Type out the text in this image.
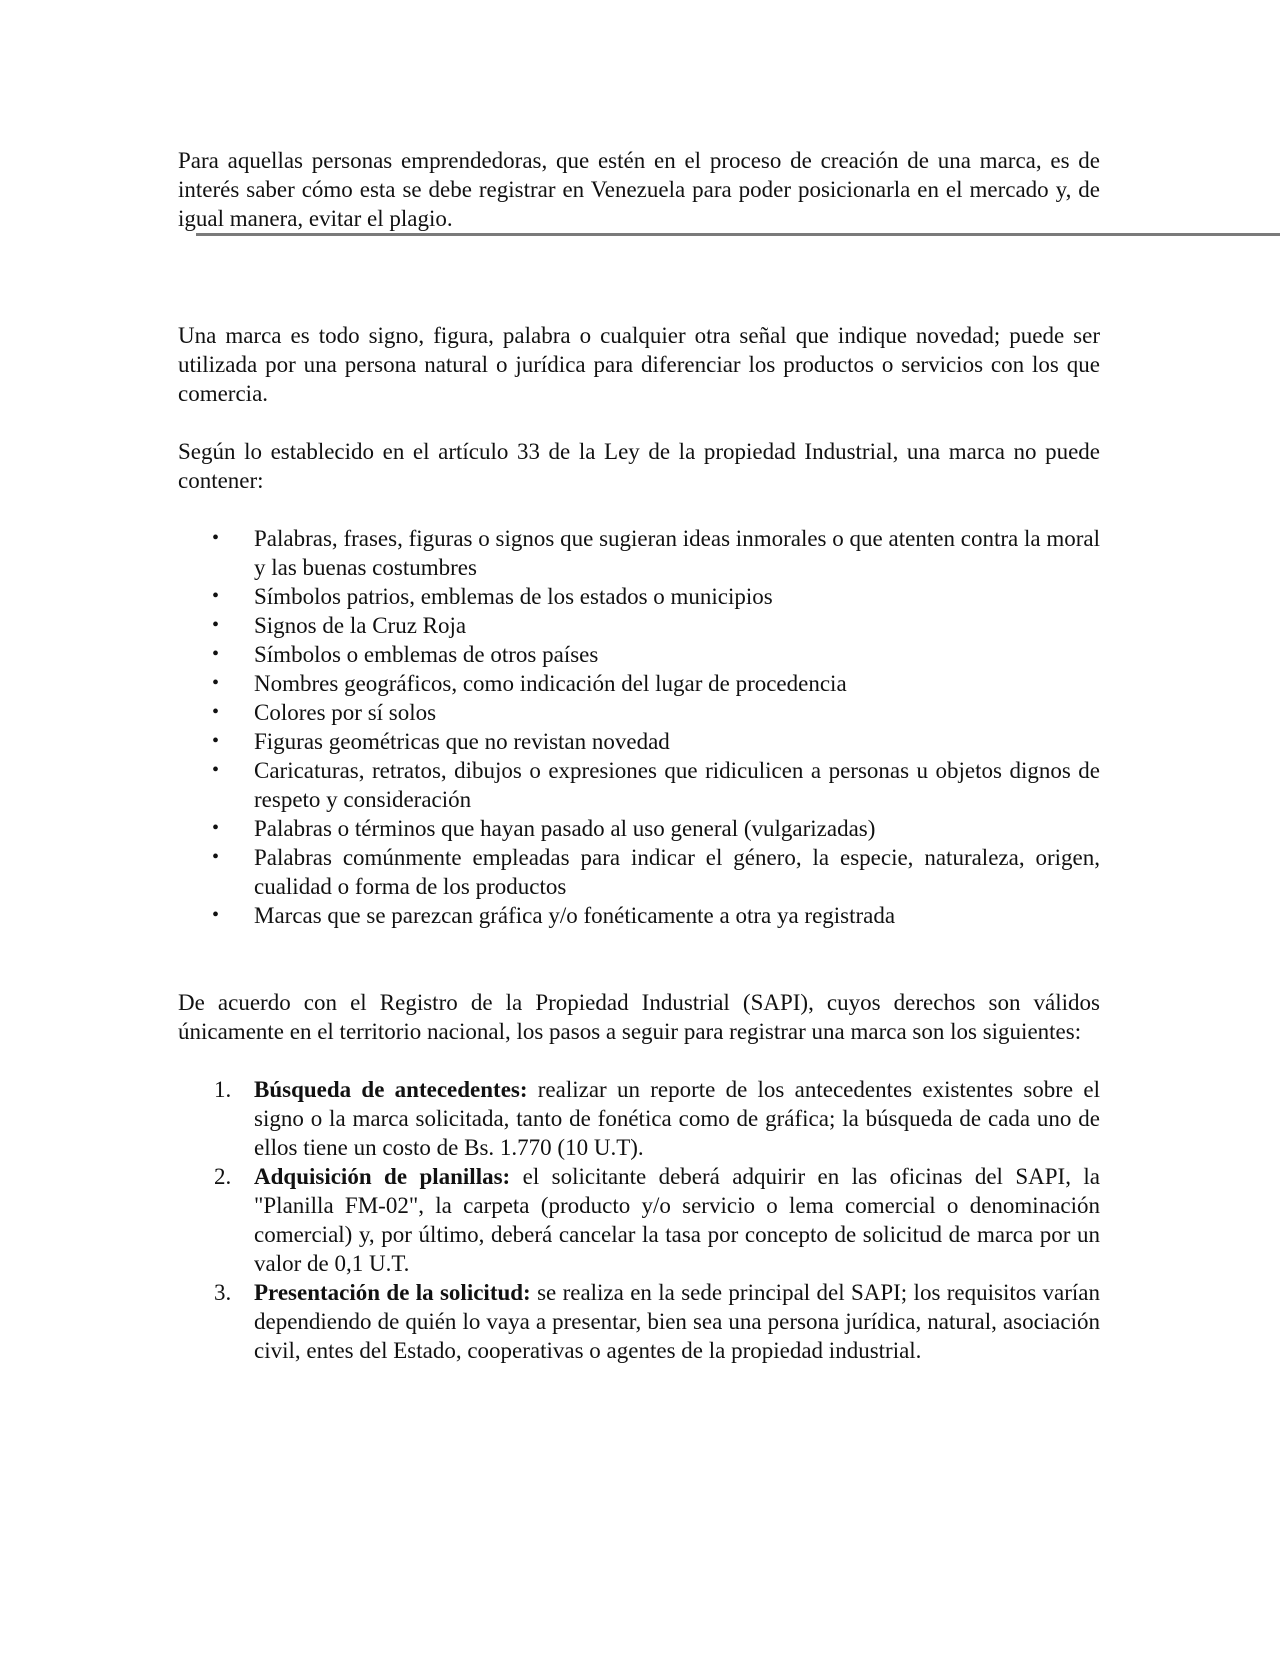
Para aquellas personas emprendedoras, que estén en el proceso de creación de una marca, es de interés saber cómo esta se debe registrar en Venezuela para poder posicionarla en el mercado y, de igual manera, evitar el plagio.

Una marca es todo signo, figura, palabra o cualquier otra señal que indique novedad; puede ser utilizada por una persona natural o jurídica para diferenciar los productos o servicios con los que comercia.

Según lo establecido en el artículo 33 de la Ley de la propiedad Industrial, una marca no puede contener:

• Palabras, frases, figuras o signos que sugieran ideas inmorales o que atenten contra la moral y las buenas costumbres
• Símbolos patrios, emblemas de los estados o municipios
• Signos de la Cruz Roja
• Símbolos o emblemas de otros países
• Nombres geográficos, como indicación del lugar de procedencia
• Colores por sí solos
• Figuras geométricas que no revistan novedad
• Caricaturas, retratos, dibujos o expresiones que ridiculicen a personas u objetos dignos de respeto y consideración
• Palabras o términos que hayan pasado al uso general (vulgarizadas)
• Palabras comúnmente empleadas para indicar el género, la especie, naturaleza, origen, cualidad o forma de los productos
• Marcas que se parezcan gráfica y/o fonéticamente a otra ya registrada

De acuerdo con el Registro de la Propiedad Industrial (SAPI), cuyos derechos son válidos únicamente en el territorio nacional, los pasos a seguir para registrar una marca son los siguientes:

1. Búsqueda de antecedentes: realizar un reporte de los antecedentes existentes sobre el signo o la marca solicitada, tanto de fonética como de gráfica; la búsqueda de cada uno de ellos tiene un costo de Bs. 1.770 (10 U.T).
2. Adquisición de planillas: el solicitante deberá adquirir en las oficinas del SAPI, la "Planilla FM-02", la carpeta (producto y/o servicio o lema comercial o denominación comercial) y, por último, deberá cancelar la tasa por concepto de solicitud de marca por un valor de 0,1 U.T.
3. Presentación de la solicitud: se realiza en la sede principal del SAPI; los requisitos varían dependiendo de quién lo vaya a presentar, bien sea una persona jurídica, natural, asociación civil, entes del Estado, cooperativas o agentes de la propiedad industrial.
